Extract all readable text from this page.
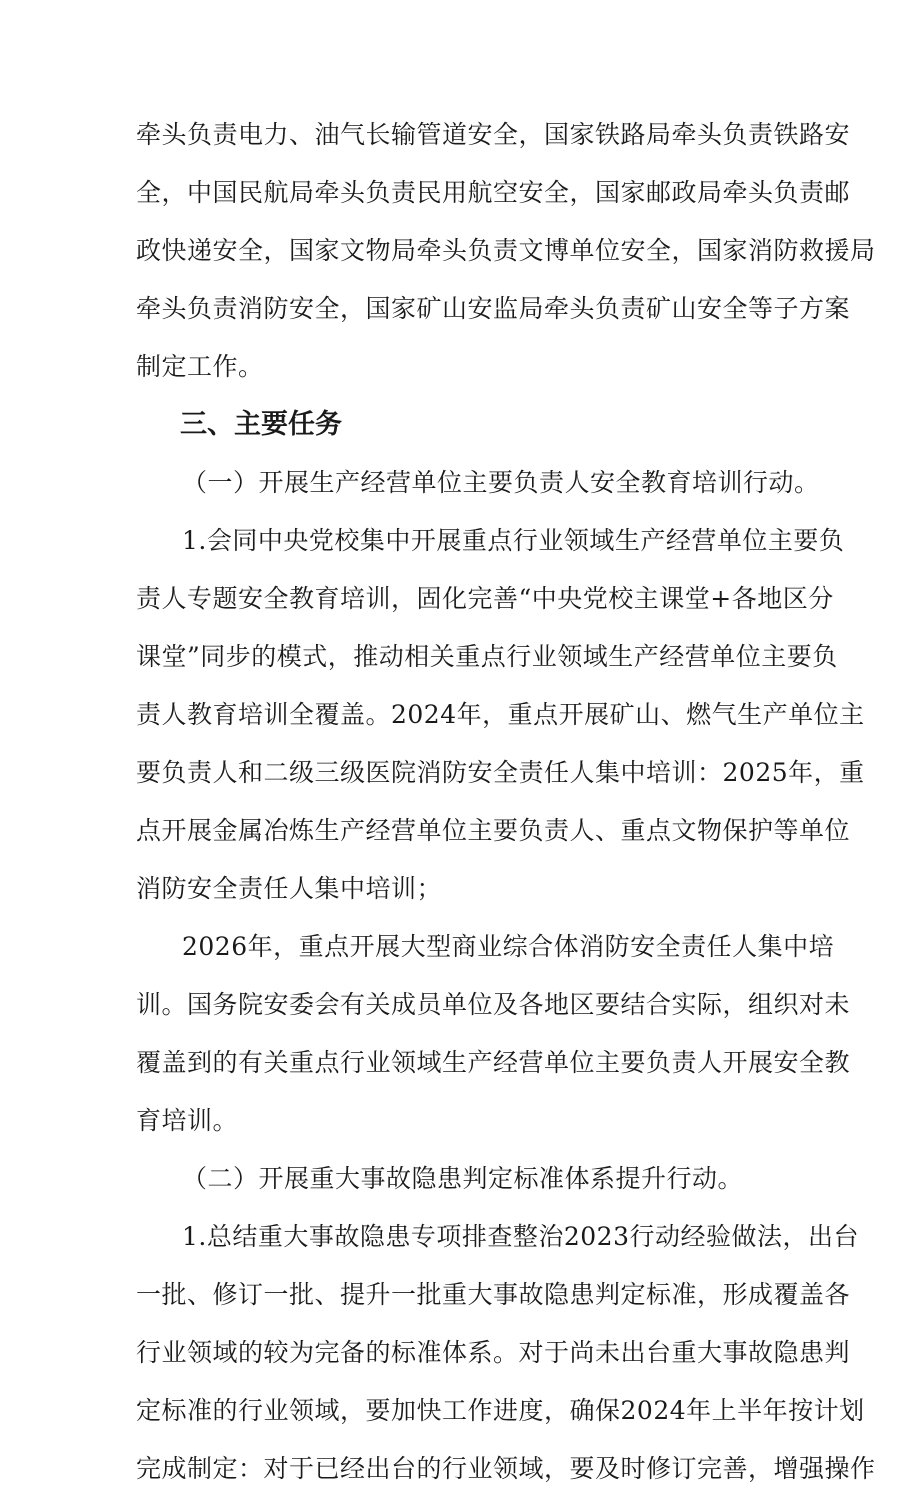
牵头负责电力、油气长输管道安全，国家铁路局牵头负责铁路安
全，中国民航局牵头负责民用航空安全，国家邮政局牵头负责邮
政快递安全，国家文物局牵头负责文博单位安全，国家消防救援局
牵头负责消防安全，国家矿山安监局牵头负责矿山安全等子方案
制定工作。
三、主要任务
（一）开展生产经营单位主要负责人安全教育培训行动。
1.会同中央党校集中开展重点行业领域生产经营单位主要负
责人专题安全教育培训，固化完善“中央党校主课堂+各地区分
课堂”同步的模式，推动相关重点行业领域生产经营单位主要负
责人教育培训全覆盖。2024年，重点开展矿山、燃气生产单位主
要负责人和二级三级医院消防安全责任人集中培训：2025年，重
点开展金属冶炼生产经营单位主要负责人、重点文物保护等单位
消防安全责任人集中培训；
2026年，重点开展大型商业综合体消防安全责任人集中培
训。国务院安委会有关成员单位及各地区要结合实际，组织对未
覆盖到的有关重点行业领域生产经营单位主要负责人开展安全教
育培训。
（二）开展重大事故隐患判定标准体系提升行动。
1.总结重大事故隐患专项排查整治2023行动经验做法，出台
一批、修订一批、提升一批重大事故隐患判定标准，形成覆盖各
行业领域的较为完备的标准体系。对于尚未出台重大事故隐患判
定标准的行业领域，要加快工作进度，确保2024年上半年按计划
完成制定：对于已经出台的行业领域，要及时修订完善，增强操作
